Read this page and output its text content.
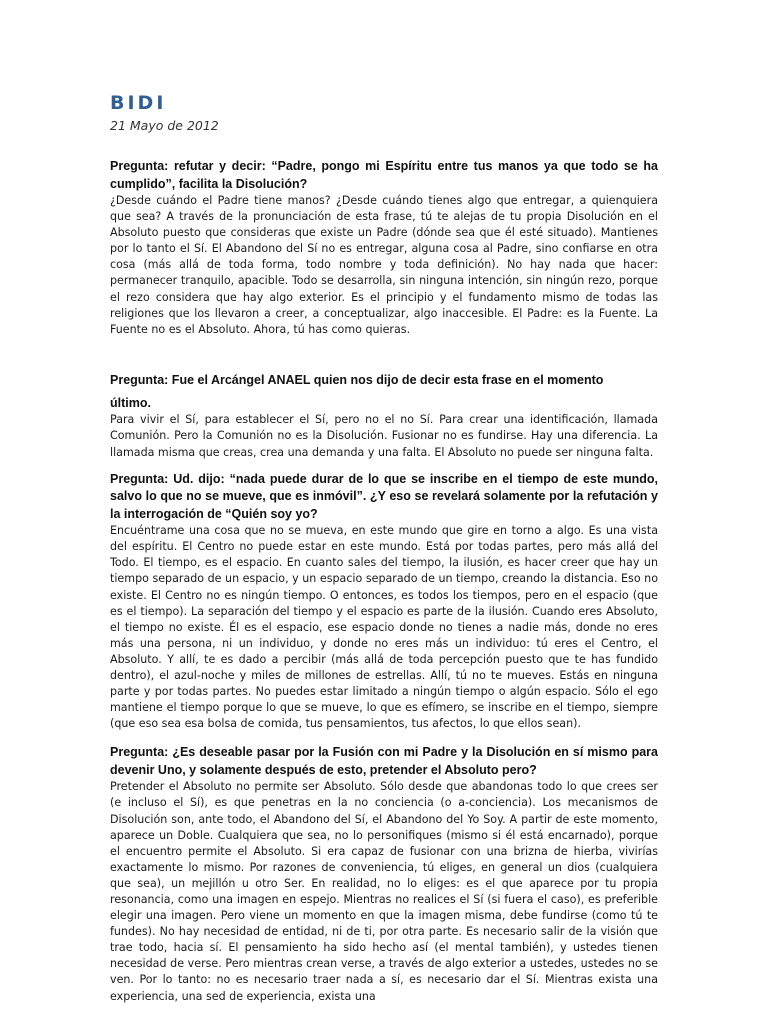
BIDI

21 Mayo de 2012

Pregunta: refutar y decir: “Padre, pongo mi Espíritu entre tus manos ya que todo se ha cumplido”, facilita la Disolución?

¿Desde cuándo el Padre tiene manos? ¿Desde cuándo tienes algo que entregar, a quienquiera que sea? A través de la pronunciación de esta frase, tú te alejas de tu propia Disolución en el Absoluto puesto que consideras que existe un Padre (dónde sea que él esté situado). Mantienes por lo tanto el Sí. El Abandono del Sí no es entregar, alguna cosa al Padre, sino confiarse en otra cosa (más allá de toda forma, todo nombre y toda definición). No hay nada que hacer: permanecer tranquilo, apacible. Todo se desarrolla, sin ninguna intención, sin ningún rezo, porque el rezo considera que hay algo exterior. Es el principio y el fundamento mismo de todas las religiones que los llevaron a creer, a conceptualizar, algo inaccesible. El Padre: es la Fuente. La Fuente no es el Absoluto. Ahora, tú has como quieras.

Pregunta: Fue el Arcángel ANAEL quien nos dijo de decir esta frase en el momento

último.

Para vivir el Sí, para establecer el Sí, pero no el no Sí. Para crear una identificación, llamada Comunión. Pero la Comunión no es la Disolución. Fusionar no es fundirse. Hay una diferencia. La llamada misma que creas, crea una demanda y una falta. El Absoluto no puede ser ninguna falta.

Pregunta: Ud. dijo: “nada puede durar de lo que se inscribe en el tiempo de este mundo, salvo lo que no se mueve, que es inmóvil”. ¿Y eso se revelará solamente por la refutación y la interrogación de “Quién soy yo?

Encuéntrame una cosa que no se mueva, en este mundo que gire en torno a algo. Es una vista del espíritu. El Centro no puede estar en este mundo. Está por todas partes, pero más allá del Todo. El tiempo, es el espacio. En cuanto sales del tiempo, la ilusión, es hacer creer que hay un tiempo separado de un espacio, y un espacio separado de un tiempo, creando la distancia. Eso no existe. El Centro no es ningún tiempo. O entonces, es todos los tiempos, pero en el espacio (que es el tiempo). La separación del tiempo y el espacio es parte de la ilusión. Cuando eres Absoluto, el tiempo no existe. Él es el espacio, ese espacio donde no tienes a nadie más, donde no eres más una persona, ni un individuo, y donde no eres más un individuo: tú eres el Centro, el Absoluto. Y allí, te es dado a percibir (más allá de toda percepción puesto que te has fundido dentro), el azul-noche y miles de millones de estrellas. Allí, tú no te mueves. Estás en ninguna parte y por todas partes. No puedes estar limitado a ningún tiempo o algún espacio. Sólo el ego mantiene el tiempo porque lo que se mueve, lo que es efímero, se inscribe en el tiempo, siempre (que eso sea esa bolsa de comida, tus pensamientos, tus afectos, lo que ellos sean).

Pregunta: ¿Es deseable pasar por la Fusión con mi Padre y la Disolución en sí mismo para devenir Uno, y solamente después de esto, pretender el Absoluto pero?

Pretender el Absoluto no permite ser Absoluto. Sólo desde que abandonas todo lo que crees ser (e incluso el Sí), es que penetras en la no conciencia (o a-conciencia). Los mecanismos de Disolución son, ante todo, el Abandono del Sí, el Abandono del Yo Soy. A partir de este momento, aparece un Doble. Cualquiera que sea, no lo personifiques (mismo si él está encarnado), porque el encuentro permite el Absoluto. Si era capaz de fusionar con una brizna de hierba, vivirías exactamente lo mismo. Por razones de conveniencia, tú eliges, en general un dios (cualquiera que sea), un mejillón u otro Ser. En realidad, no lo eliges: es el que aparece por tu propia resonancia, como una imagen en espejo. Mientras no realices el Sí (si fuera el caso), es preferible elegir una imagen. Pero viene un momento en que la imagen misma, debe fundirse (como tú te fundes). No hay necesidad de entidad, ni de ti, por otra parte. Es necesario salir de la visión que trae todo, hacia sí. El pensamiento ha sido hecho así (el mental también), y ustedes tienen necesidad de verse. Pero mientras crean verse, a través de algo exterior a ustedes, ustedes no se ven. Por lo tanto: no es necesario traer nada a sí, es necesario dar el Sí. Mientras exista una experiencia, una sed de experiencia, exista una
